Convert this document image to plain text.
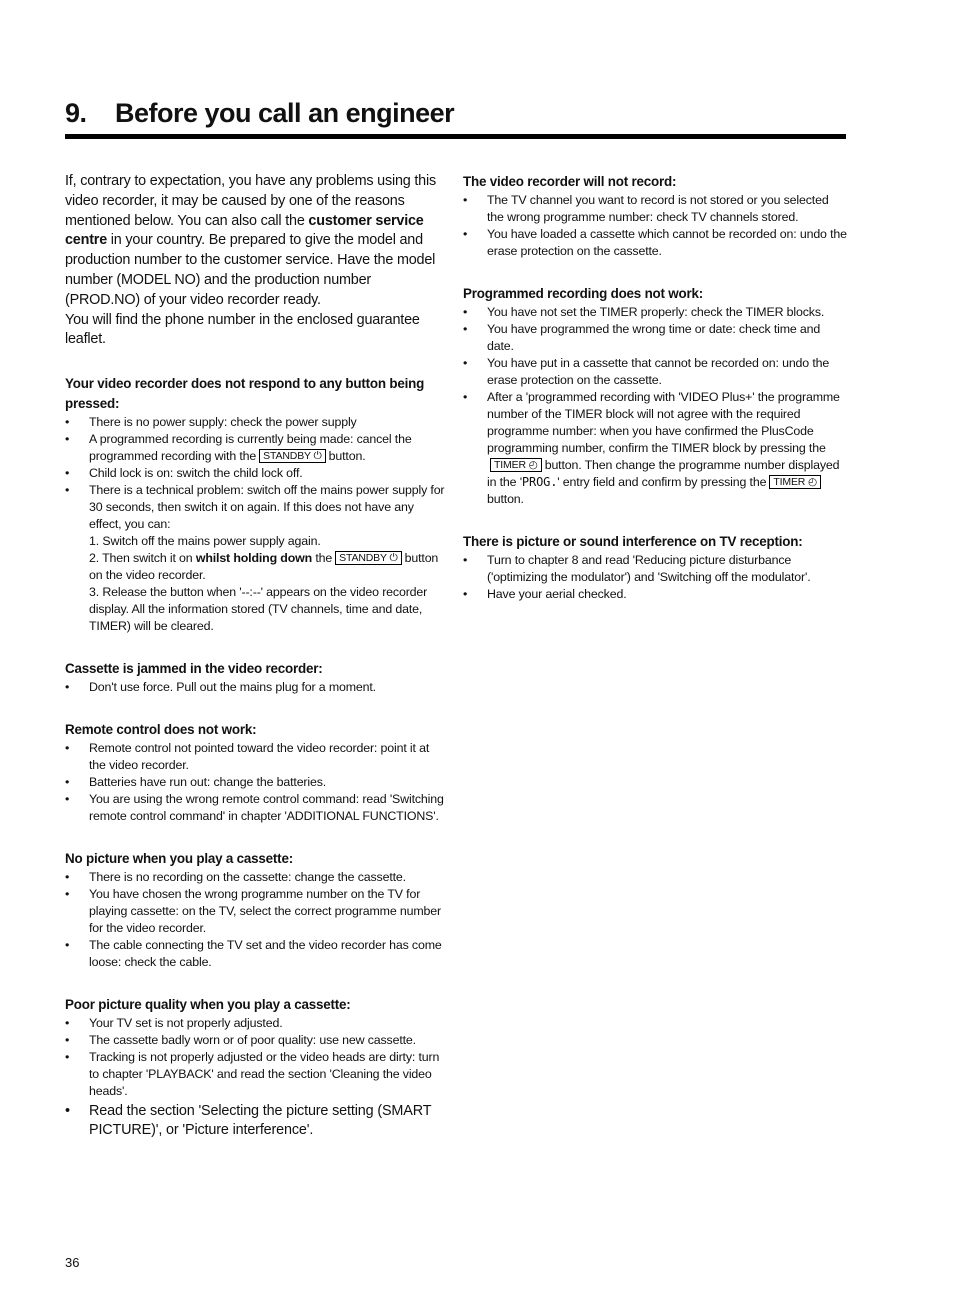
9. Before you call an engineer

If, contrary to expectation, you have any problems using this video recorder, it may be caused by one of the reasons mentioned below. You can also call the customer service centre in your country. Be prepared to give the model and production number to the customer service. Have the model number (MODEL NO) and the production number (PROD.NO) of your video recorder ready.
You will find the phone number in the enclosed guarantee leaflet.

Your video recorder does not respond to any button being pressed:

•	There is no power supply: check the power supply
•	A programmed recording is currently being made: cancel the programmed recording with the STANDBY ⏻ button.
•	Child lock is on: switch the child lock off.
•	There is a technical problem: switch off the mains power supply for 30 seconds, then switch it on again. If this does not have any effect, you can:
1. Switch off the mains power supply again.
2. Then switch it on whilst holding down the STANDBY ⏻ button on the video recorder.
3. Release the button when '--:--' appears on the video recorder display. All the information stored (TV channels, time and date, TIMER) will be cleared.

Cassette is jammed in the video recorder:

•	Don't use force. Pull out the mains plug for a moment.

Remote control does not work:

•	Remote control not pointed toward the video recorder: point it at the video recorder.
•	Batteries have run out: change the batteries.
•	You are using the wrong remote control command: read 'Switching remote control command' in chapter 'ADDITIONAL FUNCTIONS'.

No picture when you play a cassette:

•	There is no recording on the cassette: change the cassette.
•	You have chosen the wrong programme number on the TV for playing cassette: on the TV, select the correct programme number for the video recorder.
•	The cable connecting the TV set and the video recorder has come loose: check the cable.

Poor picture quality when you play a cassette:

•	Your TV set is not properly adjusted.
•	The cassette badly worn or of poor quality: use new cassette.
•	Tracking is not properly adjusted or the video heads are dirty: turn to chapter 'PLAYBACK' and read the section 'Cleaning the video heads'.
•	Read the section 'Selecting the picture setting (SMART PICTURE)', or 'Picture interference'.

The video recorder will not record:

•	The TV channel you want to record is not stored or you selected the wrong programme number: check TV channels stored.
•	You have loaded a cassette which cannot be recorded on: undo the erase protection on the cassette.

Programmed recording does not work:

•	You have not set the TIMER properly: check the TIMER blocks.
•	You have programmed the wrong time or date: check time and date.
•	You have put in a cassette that cannot be recorded on: undo the erase protection on the cassette.
•	After a 'programmed recording with 'VIDEO Plus+' the programme number of the TIMER block will not agree with the required programme number: when you have confirmed the PlusCode programming number, confirm the TIMER block by pressing theTIMER ◴ button. Then change the programme number displayed in the 'PROG.' entry field and confirm by pressing the TIMER ◴button.

There is picture or sound interference on TV reception:

•	Turn to chapter 8 and read 'Reducing picture disturbance ('optimizing the modulator') and 'Switching off the modulator'.
•	Have your aerial checked.
36
